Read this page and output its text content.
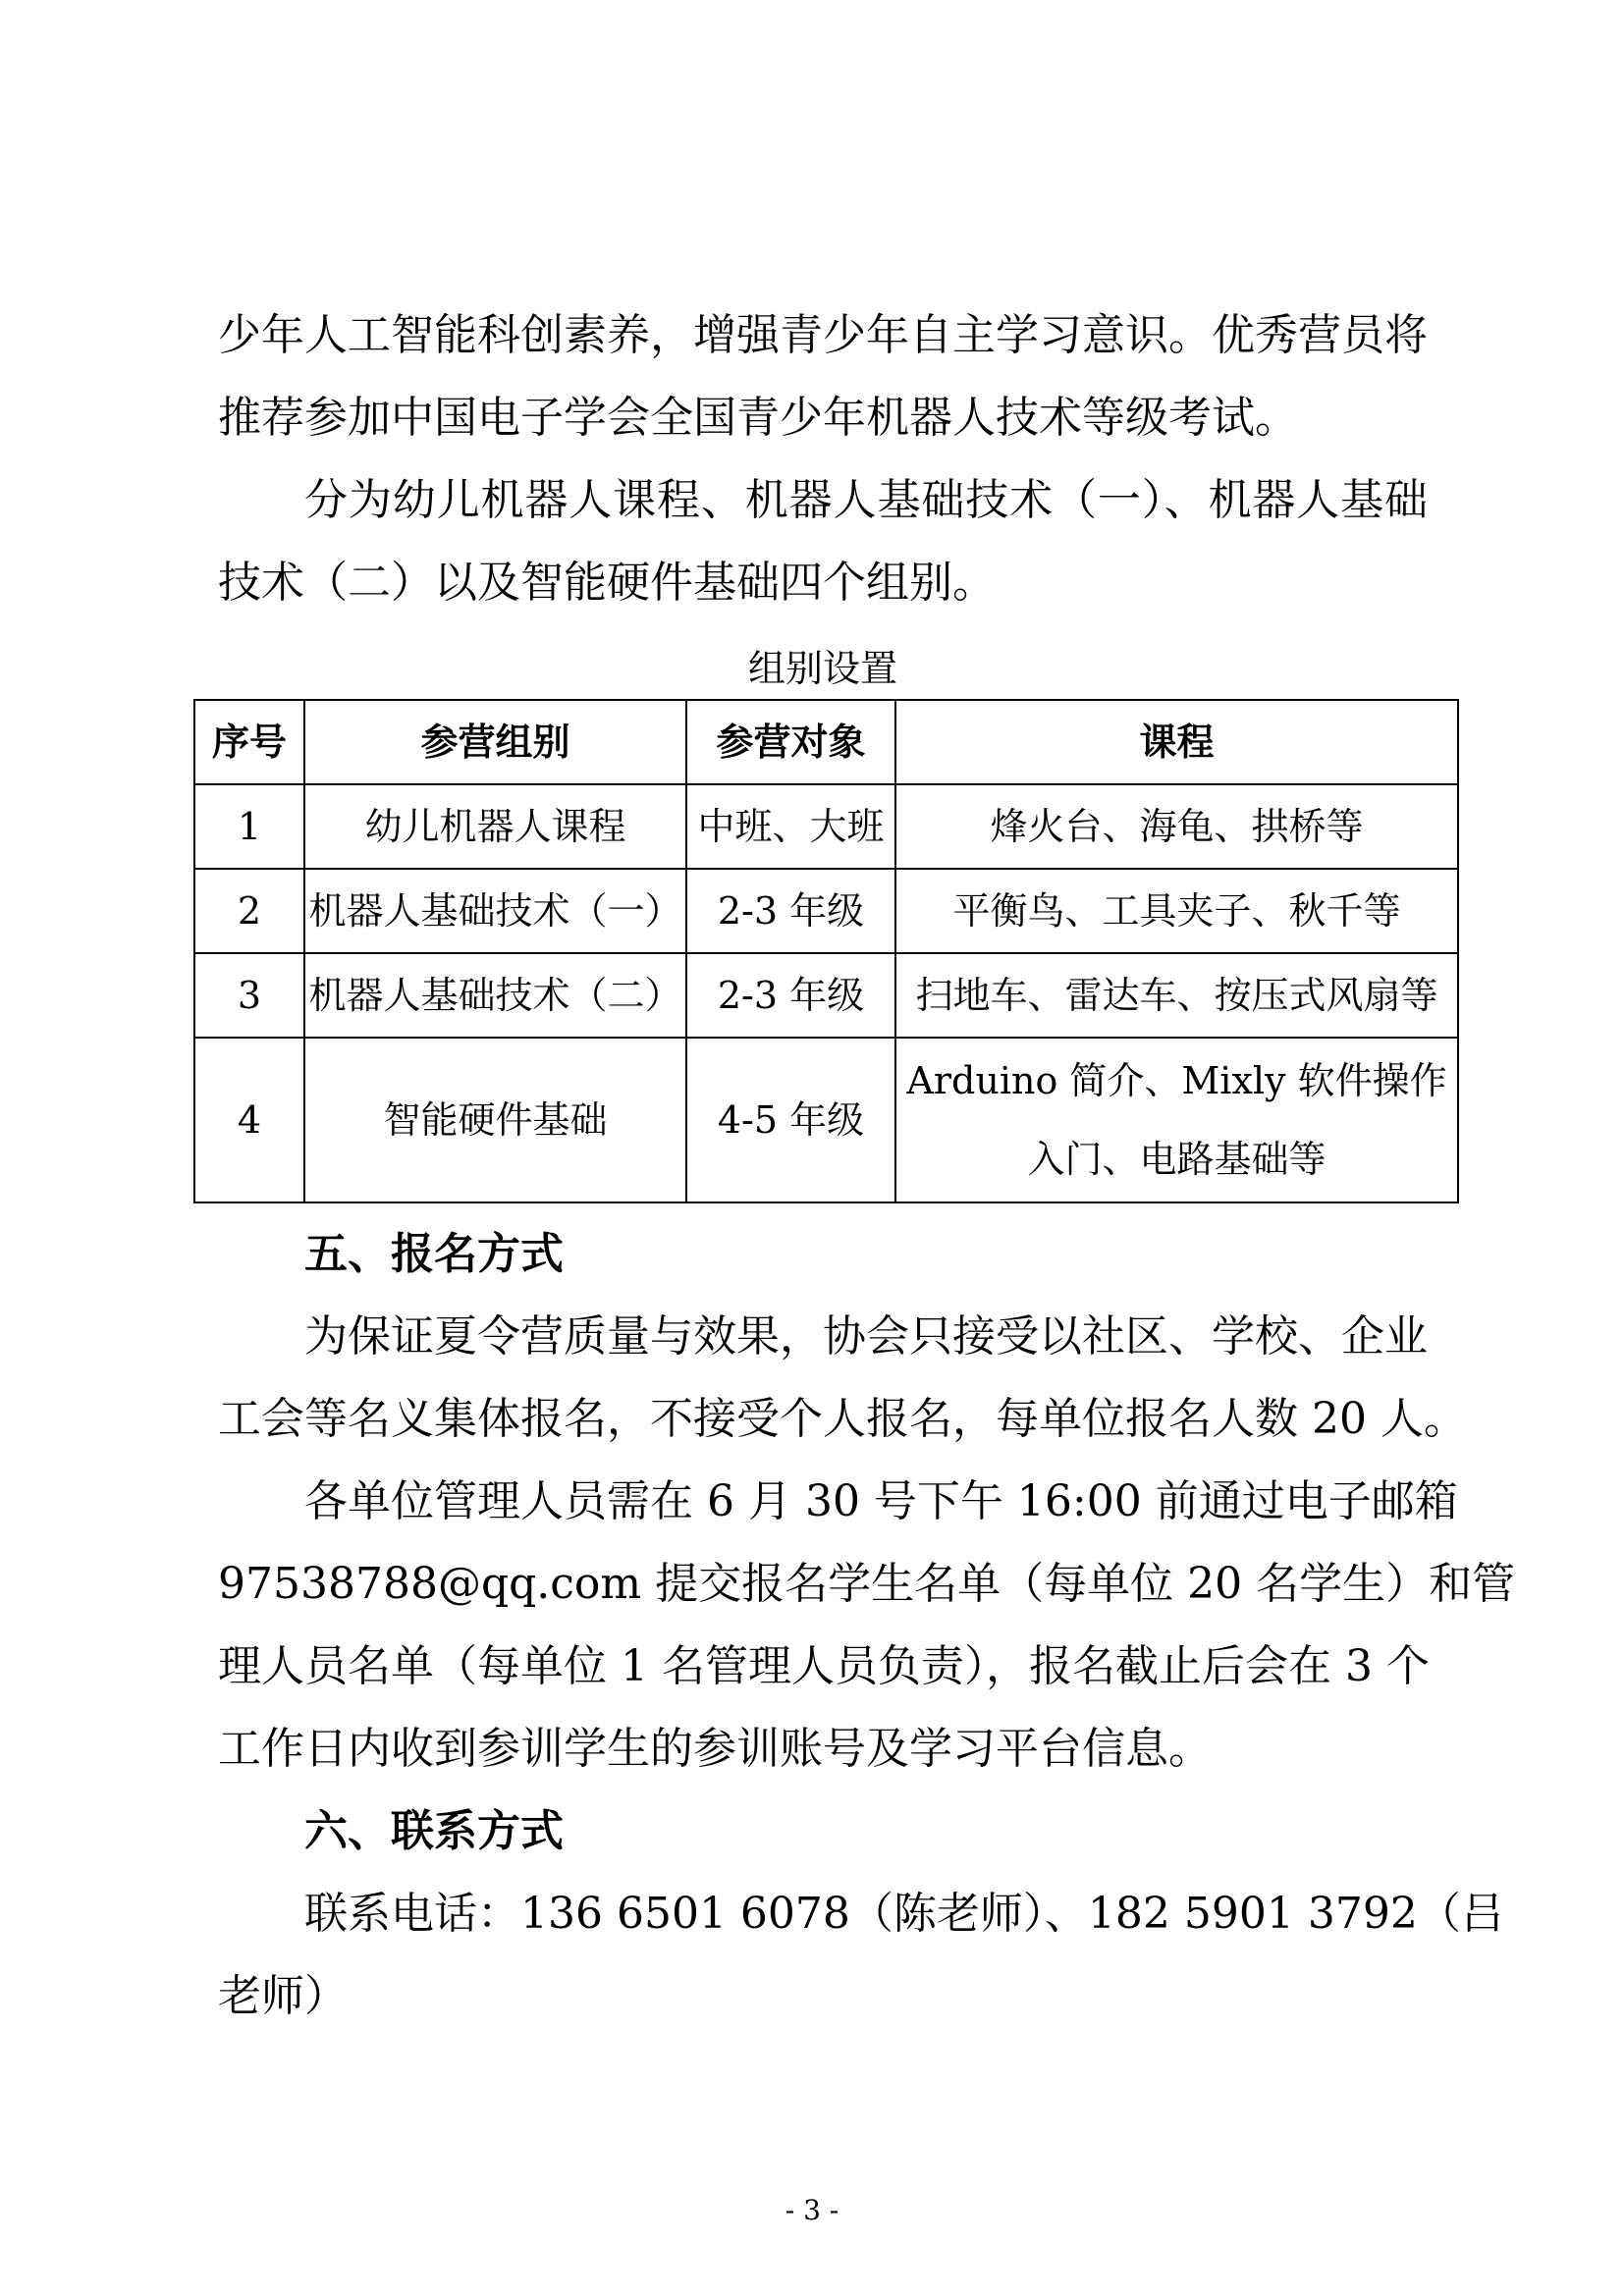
少年人工智能科创素养，增强青少年自主学习意识。优秀营员将
推荐参加中国电子学会全国青少年机器人技术等级考试。
分为幼儿机器人课程、机器人基础技术（一）、机器人基础
技术（二）以及智能硬件基础四个组别。
组别设置
序号	参营组别	参营对象	课程
1	幼儿机器人课程	中班、大班	烽火台、海龟、拱桥等
2	机器人基础技术（一）	2-3 年级	平衡鸟、工具夹子、秋千等
3	机器人基础技术（二）	2-3 年级	扫地车、雷达车、按压式风扇等
4	智能硬件基础	4-5 年级	Arduino 简介、Mixly 软件操作
入门、电路基础等
五、报名方式
为保证夏令营质量与效果，协会只接受以社区、学校、企业
工会等名义集体报名，不接受个人报名，每单位报名人数 20 人。
各单位管理人员需在 6 月 30 号下午 16:00 前通过电子邮箱
97538788@qq.com 提交报名学生名单（每单位 20 名学生）和管
理人员名单（每单位 1 名管理人员负责），报名截止后会在 3 个
工作日内收到参训学生的参训账号及学习平台信息。
六、联系方式
联系电话：136 6501 6078（陈老师）、182 5901 3792（吕
老师）
- 3 -
